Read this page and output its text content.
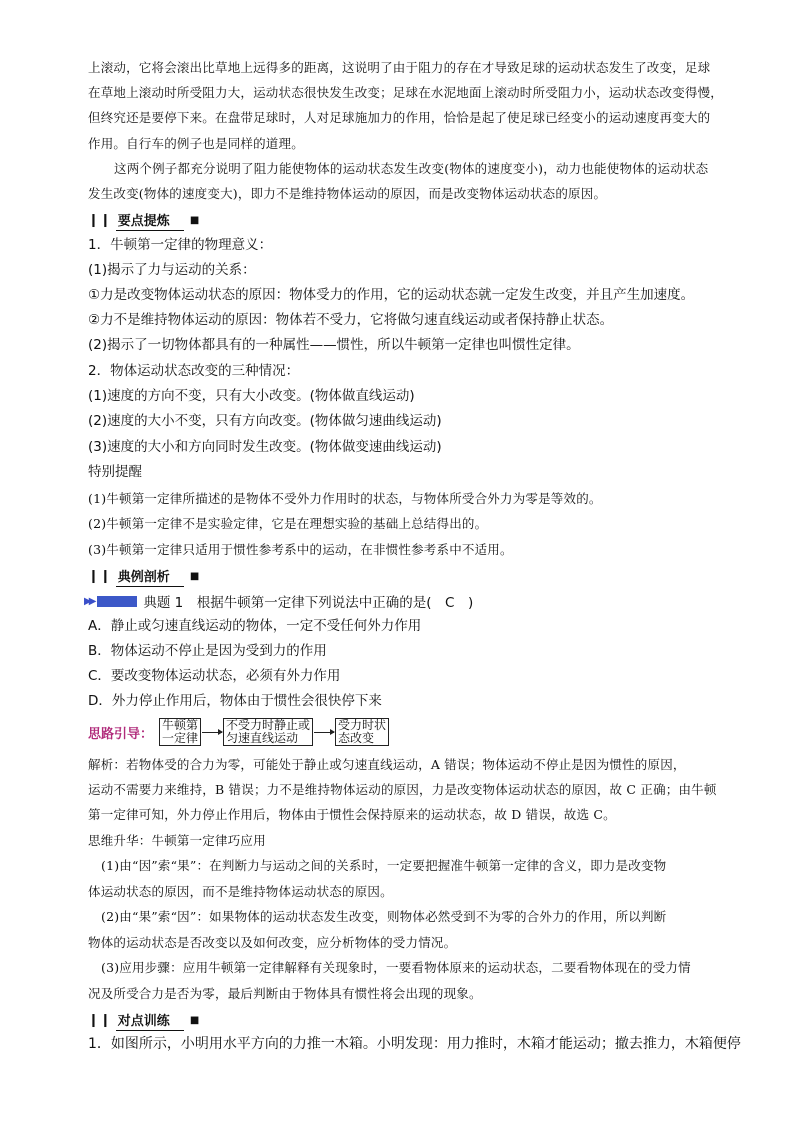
上滚动，它将会滚出比草地上远得多的距离，这说明了由于阻力的存在才导致足球的运动状态发生了改变，足球
在草地上滚动时所受阻力大，运动状态很快发生改变；足球在水泥地面上滚动时所受阻力小，运动状态改变得慢，
但终究还是要停下来。在盘带足球时，人对足球施加力的作用，恰恰是起了使足球已经变小的运动速度再变大的
作用。自行车的例子也是同样的道理。
这两个例子都充分说明了阻力能使物体的运动状态发生改变(物体的速度变小)，动力也能使物体的运动状态
发生改变(物体的速度变大)，即力不是维持物体运动的原因，而是改变物体运动状态的原因。
❙❙ 要点提炼	■
1．牛顿第一定律的物理意义：
(1)揭示了力与运动的关系：
①力是改变物体运动状态的原因：物体受力的作用，它的运动状态就一定发生改变，并且产生加速度。
②力不是维持物体运动的原因：物体若不受力，它将做匀速直线运动或者保持静止状态。
(2)揭示了一切物体都具有的一种属性——惯性，所以牛顿第一定律也叫惯性定律。
2．物体运动状态改变的三种情况：
(1)速度的方向不变，只有大小改变。(物体做直线运动)
(2)速度的大小不变，只有方向改变。(物体做匀速曲线运动)
(3)速度的大小和方向同时发生改变。(物体做变速曲线运动)
特别提醒
(1)牛顿第一定律所描述的是物体不受外力作用时的状态，与物体所受合外力为零是等效的。
(2)牛顿第一定律不是实验定律，它是在理想实验的基础上总结得出的。
(3)牛顿第一定律只适用于惯性参考系中的运动，在非惯性参考系中不适用。
❙❙ 典例剖析	■
▶▶	典题 1　根据牛顿第一定律下列说法中正确的是(　C　)
A．静止或匀速直线运动的物体，一定不受任何外力作用
B．物体运动不停止是因为受到力的作用
C．要改变物体运动状态，必须有外力作用
D．外力停止作用后，物体由于惯性会很快停下来
思路引导：
牛顿第
一定律
不受力时静止或
匀速直线运动
受力时状
态改变
解析：若物体受的合力为零，可能处于静止或匀速直线运动，A 错误；物体运动不停止是因为惯性的原因，
运动不需要力来维持，B 错误；力不是维持物体运动的原因，力是改变物体运动状态的原因，故 C 正确；由牛顿
第一定律可知，外力停止作用后，物体由于惯性会保持原来的运动状态，故 D 错误，故选 C。
思维升华：牛顿第一定律巧应用
(1)由“因”索“果”：在判断力与运动之间的关系时，一定要把握准牛顿第一定律的含义，即力是改变物
体运动状态的原因，而不是维持物体运动状态的原因。
(2)由“果”索“因”：如果物体的运动状态发生改变，则物体必然受到不为零的合外力的作用，所以判断
物体的运动状态是否改变以及如何改变，应分析物体的受力情况。
(3)应用步骤：应用牛顿第一定律解释有关现象时，一要看物体原来的运动状态，二要看物体现在的受力情
况及所受合力是否为零，最后判断由于物体具有惯性将会出现的现象。
❙❙ 对点训练	■
1．如图所示，小明用水平方向的力推一木箱。小明发现：用力推时，木箱才能运动；撤去推力，木箱便停
